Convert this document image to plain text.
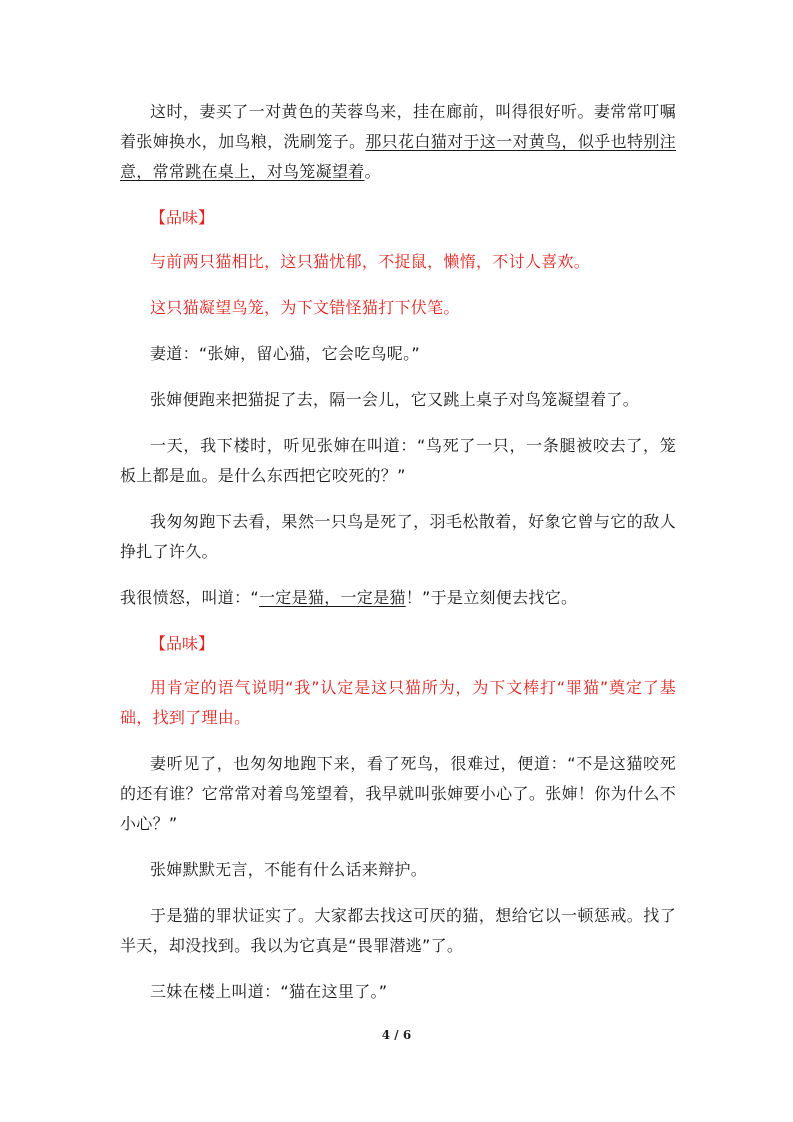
这时，妻买了一对黄色的芙蓉鸟来，挂在廊前，叫得很好听。妻常常叮嘱着张婶换水，加鸟粮，洗刷笼子。那只花白猫对于这一对黄鸟，似乎也特别注意，常常跳在桌上，对鸟笼凝望着。

【品味】

与前两只猫相比，这只猫忧郁，不捉鼠，懒惰，不讨人喜欢。

这只猫凝望鸟笼，为下文错怪猫打下伏笔。

妻道：“张婶，留心猫，它会吃鸟呢。”

张婶便跑来把猫捉了去，隔一会儿，它又跳上桌子对鸟笼凝望着了。

一天，我下楼时，听见张婶在叫道：“鸟死了一只，一条腿被咬去了，笼板上都是血。是什么东西把它咬死的？”

我匆匆跑下去看，果然一只鸟是死了，羽毛松散着，好象它曾与它的敌人挣扎了许久。

我很愤怒，叫道：“一定是猫，一定是猫！”于是立刻便去找它。

【品味】

用肯定的语气说明“我”认定是这只猫所为，为下文棒打“罪猫”奠定了基础，找到了理由。

妻听见了，也匆匆地跑下来，看了死鸟，很难过，便道：“不是这猫咬死的还有谁？它常常对着鸟笼望着，我早就叫张婶要小心了。张婶！你为什么不小心？”

张婶默默无言，不能有什么话来辩护。

于是猫的罪状证实了。大家都去找这可厌的猫，想给它以一顿惩戒。找了半天，却没找到。我以为它真是“畏罪潜逃”了。

三妹在楼上叫道：“猫在这里了。”

4 / 6
